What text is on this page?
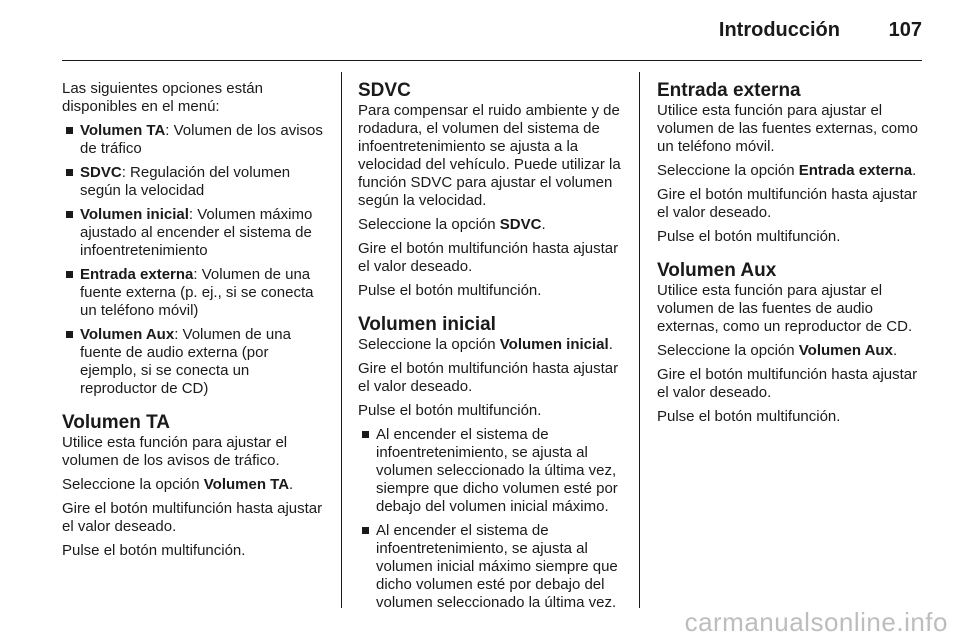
Introducción 107

Las siguientes opciones están disponibles en el menú:

Volumen TA: Volumen de los avisos de tráfico
SDVC: Regulación del volumen según la velocidad
Volumen inicial: Volumen máximo ajustado al encender el sistema de infoentretenimiento
Entrada externa: Volumen de una fuente externa (p. ej., si se conecta un teléfono móvil)
Volumen Aux: Volumen de una fuente de audio externa (por ejemplo, si se conecta un reproductor de CD)
Volumen TA

Utilice esta función para ajustar el volumen de los avisos de tráfico.

Seleccione la opción Volumen TA.

Gire el botón multifunción hasta ajustar el valor deseado.

Pulse el botón multifunción.

SDVC

Para compensar el ruido ambiente y de rodadura, el volumen del sistema de infoentretenimiento se ajusta a la velocidad del vehículo. Puede utilizar la función SDVC para ajustar el volumen según la velocidad.

Seleccione la opción SDVC.

Gire el botón multifunción hasta ajustar el valor deseado.

Pulse el botón multifunción.

Volumen inicial

Seleccione la opción Volumen inicial.

Gire el botón multifunción hasta ajustar el valor deseado.

Pulse el botón multifunción.

Al encender el sistema de infoentretenimiento, se ajusta al volumen seleccionado la última vez, siempre que dicho volumen esté por debajo del volumen inicial máximo.
Al encender el sistema de infoentretenimiento, se ajusta al volumen inicial máximo siempre que dicho volumen esté por debajo del volumen seleccionado la última vez.
Entrada externa

Utilice esta función para ajustar el volumen de las fuentes externas, como un teléfono móvil.

Seleccione la opción Entrada externa.

Gire el botón multifunción hasta ajustar el valor deseado.

Pulse el botón multifunción.

Volumen Aux

Utilice esta función para ajustar el volumen de las fuentes de audio externas, como un reproductor de CD.

Seleccione la opción Volumen Aux.

Gire el botón multifunción hasta ajustar el valor deseado.

Pulse el botón multifunción.

carmanualsonline.info
